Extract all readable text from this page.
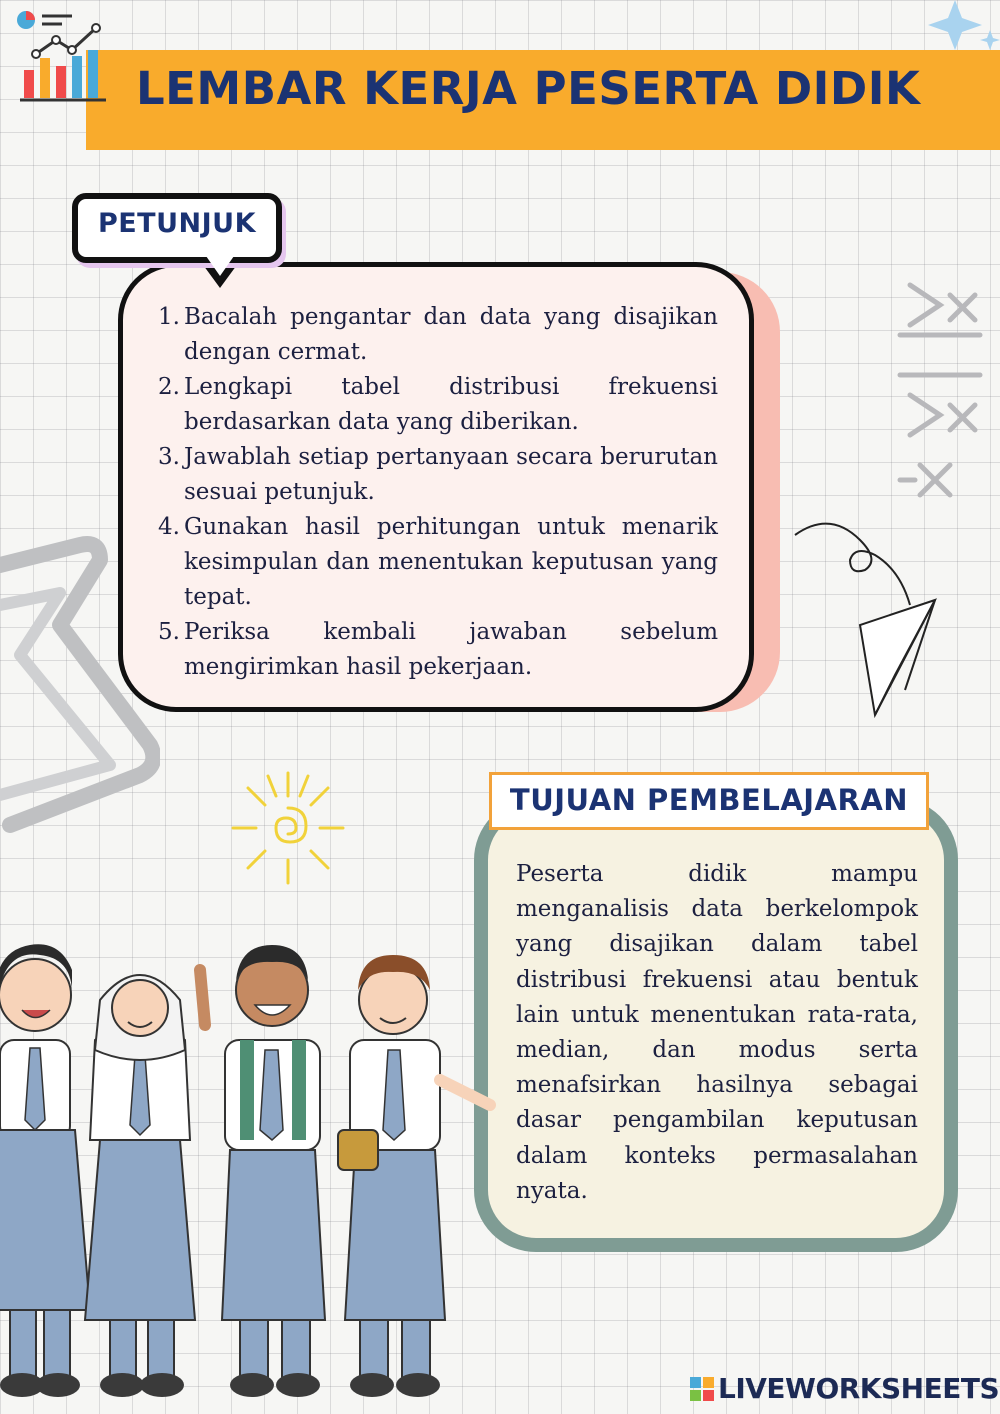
LEMBAR KERJA PESERTA DIDIK
1. Bacalah pengantar dan data yang disajikan dengan cermat.
2. Lengkapi tabel distribusi frekuensi berdasarkan data yang diberikan.
3. Jawablah setiap pertanyaan secara berurutan sesuai petunjuk.
4. Gunakan hasil perhitungan untuk menarik kesimpulan dan menentukan keputusan yang tepat.
5. Periksa kembali jawaban sebelum mengirimkan hasil pekerjaan.
PETUNJUK
TUJUAN PEMBELAJARAN
Peserta didik mampu menganalisis data berkelompok yang disajikan dalam tabel distribusi frekuensi atau bentuk lain untuk menentukan rata-rata, median, dan modus serta menafsirkan hasilnya sebagai dasar pengambilan keputusan dalam konteks permasalahan nyata.
LIVEWORKSHEETS
